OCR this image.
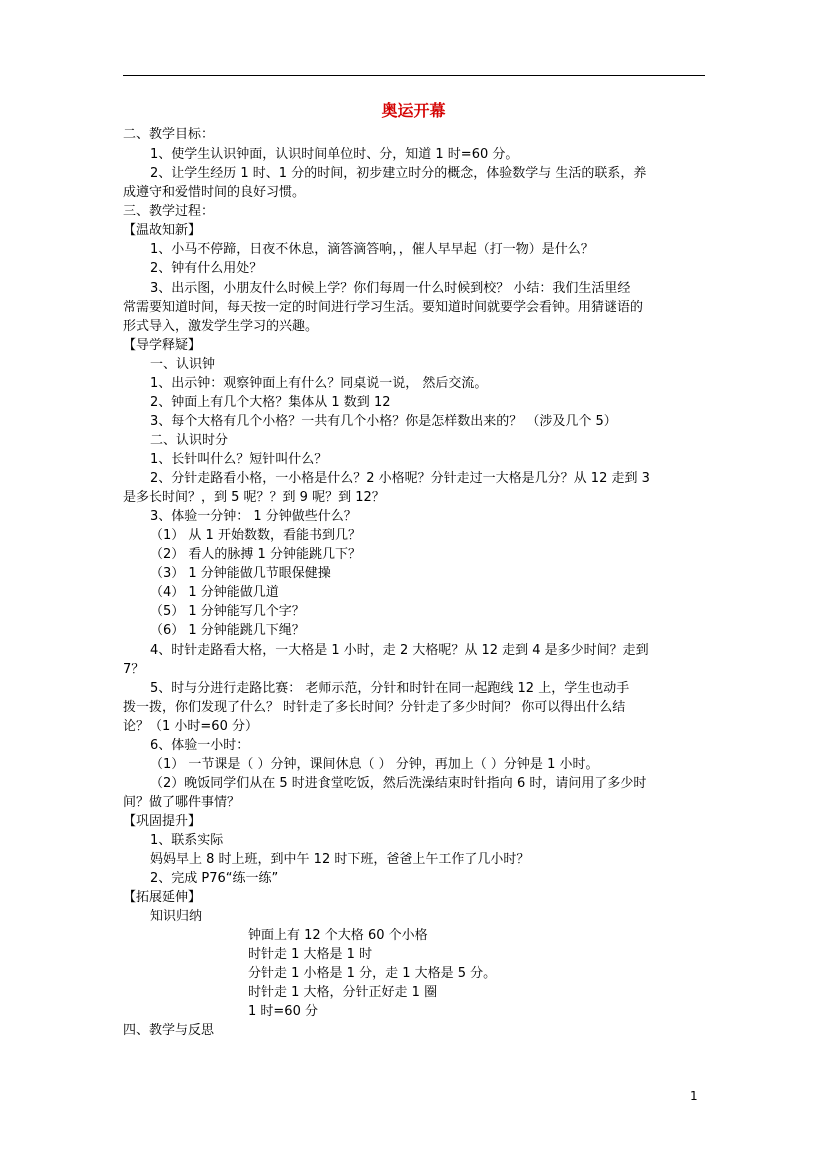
奥运开幕
二、教学目标：
1、使学生认识钟面，认识时间单位时、分，知道 1 时=60 分。
2、让学生经历 1 时、1 分的时间，初步建立时分的概念，体验数学与 生活的联系，养
成遵守和爱惜时间的良好习惯。
三、教学过程：
【温故知新】
1、小马不停蹄，日夜不休息，滴答滴答响，，催人早早起（打一物）是什么？
2、钟有什么用处？
3、出示图，小朋友什么时候上学？你们每周一什么时候到校？ 小结：我们生活里经
常需要知道时间，每天按一定的时间进行学习生活。要知道时间就要学会看钟。用猜谜语的
形式导入，激发学生学习的兴趣。
【导学释疑】
一、认识钟
1、出示钟：观察钟面上有什么？同桌说一说， 然后交流。
2、钟面上有几个大格？集体从 1 数到 12
3、每个大格有几个小格？一共有几个小格？你是怎样数出来的？ （涉及几个 5）
二、认识时分
1、长针叫什么？短针叫什么？
2、分针走路看小格，一小格是什么？2 小格呢？分针走过一大格是几分？从 12 走到 3
是多长时间？，到 5 呢？？到 9 呢？到 12？
3、体验一分钟： 1 分钟做些什么？
（1） 从 1 开始数数，看能书到几？
（2） 看人的脉搏 1 分钟能跳几下？
（3） 1 分钟能做几节眼保健操
（4） 1 分钟能做几道
（5） 1 分钟能写几个字？
（6） 1 分钟能跳几下绳？
4、时针走路看大格，一大格是 1 小时，走 2 大格呢？从 12 走到 4 是多少时间？走到
7？
5、时与分进行走路比赛： 老师示范，分针和时针在同一起跑线 12 上，学生也动手
拨一拨，你们发现了什么？ 时针走了多长时间？分针走了多少时间？ 你可以得出什么结
论？（1 小时=60 分）
6、体验一小时：
（1） 一节课是（ ）分钟，课间休息（ ） 分钟，再加上（ ）分钟是 1 小时。
（2）晚饭同学们从在 5 时进食堂吃饭，然后洗澡结束时针指向 6 时，请问用了多少时
间？做了哪件事情？
【巩固提升】
1、联系实际
妈妈早上 8 时上班，到中午 12 时下班，爸爸上午工作了几小时？
2、完成 P76“练一练”
【拓展延伸】
知识归纳
钟面上有 12 个大格 60 个小格
时针走 1 大格是 1 时
分针走 1 小格是 1 分，走 1 大格是 5 分。
时针走 1 大格，分针正好走 1 圈
1 时=60 分
四、教学与反思
1
